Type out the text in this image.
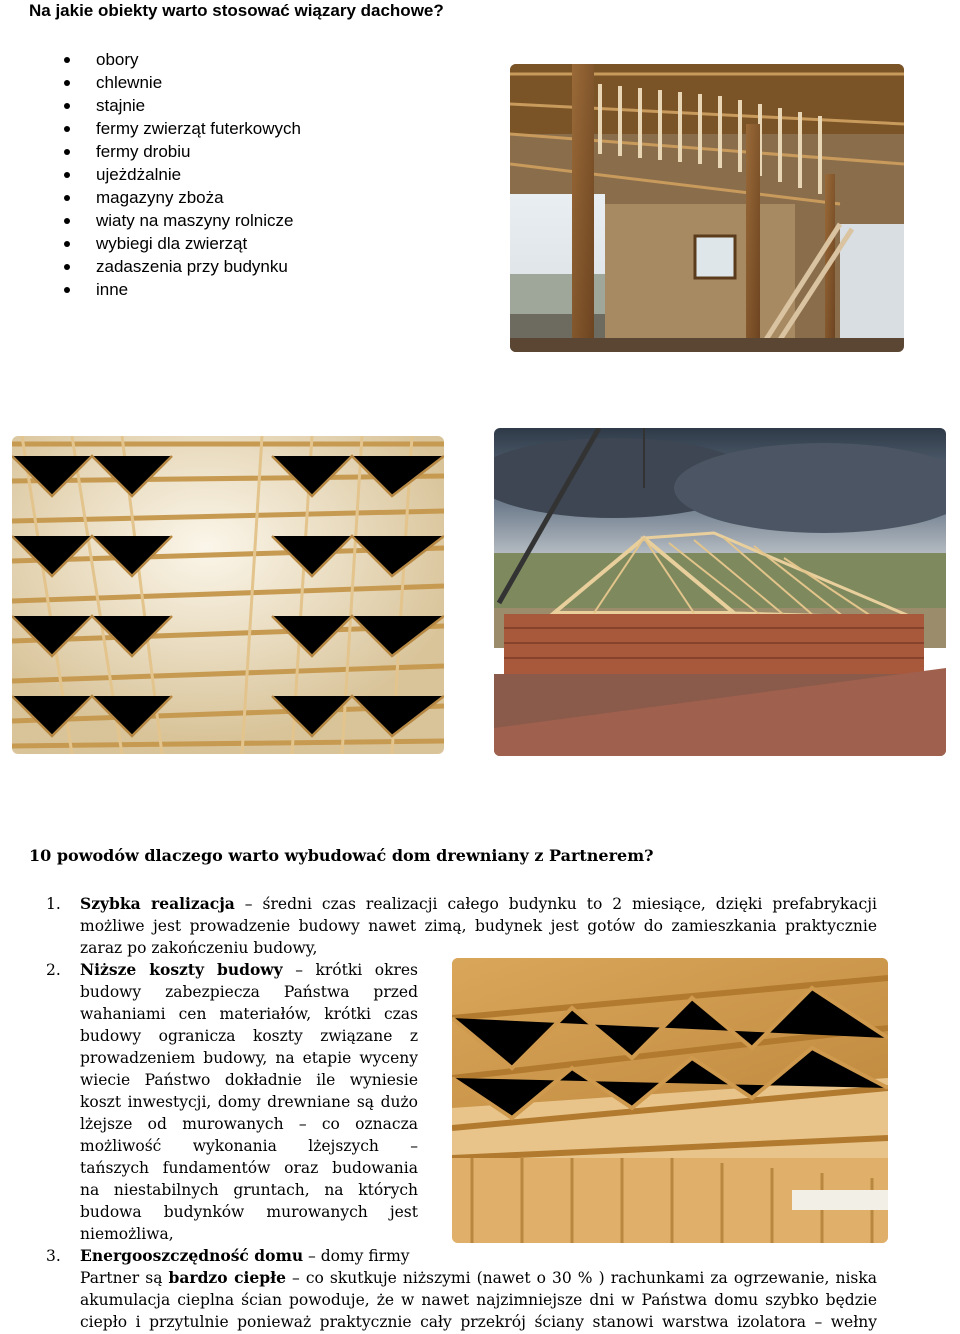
Na jakie obiekty warto stosować wiązary dachowe?
obory
chlewnie
stajnie
fermy zwierząt futerkowych
fermy drobiu
ujeżdżalnie
magazyny zboża
wiaty na maszyny rolnicze
wybiegi dla zwierząt
zadaszenia przy budynku
inne
10 powodów dlaczego warto wybudować dom drewniany z Partnerem?
1. Szybka realizacja – średni czas realizacji całego budynku to 2 miesiące, dzięki prefabrykacji
możliwe jest prowadzenie budowy nawet zimą, budynek jest gotów do zamieszkania praktycznie
zaraz po zakończeniu budowy,
2. Niższe koszty budowy – krótki okres
budowy zabezpiecza Państwa przed
wahaniami cen materiałów, krótki czas
budowy ogranicza koszty związane z
prowadzeniem budowy, na etapie wyceny
wiecie Państwo dokładnie ile wyniesie
koszt inwestycji, domy drewniane są dużo
lżejsze od murowanych – co oznacza
możliwość wykonania lżejszych –
tańszych fundamentów oraz budowania
na niestabilnych gruntach, na których
budowa budynków murowanych jest
niemożliwa,
3. Energooszczędność domu – domy firmy
Partner są bardzo ciepłe – co skutkuje niższymi (nawet o 30 % ) rachunkami za ogrzewanie, niska
akumulacja cieplna ścian powoduje, że w nawet najzimniejsze dni w Państwa domu szybko będzie
ciepło i przytulnie ponieważ praktycznie cały przekrój ściany stanowi warstwa izolatora – wełny
